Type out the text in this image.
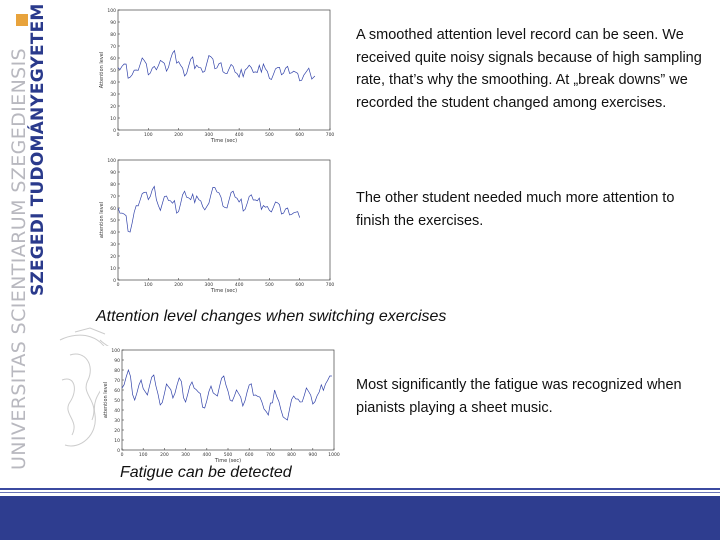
SZEGEDI TUDOMÁNYEGYETEM
UNIVERSITAS SCIENTIARUM SZEGEDIENSIS	0
10
20
30
40
50
60
70
80
90
100
0	100	200	300	400	500	600	700
Time (sec)
Attention level
0
10
20
30
40
50
60
70
80
90
100
0	100	200	300	400	500	600	700
Time (sec)
attention level
0
10
20
30
40
50
60
70
80
90
100
0	100	200	300	400	500	600	700	800	900 1000
Time (sec)
attention level
A smoothed attention level record can be seen. We received quite noisy signals because of high sampling rate, that’s why the smoothing. At „break downs” we recorded the student changed among exercises.
The other student needed much more attention to finish the exercises.
Most significantly the fatigue was recognized when pianists playing a sheet music.
Attention level changes when switching exercises
Fatigue can be detected
